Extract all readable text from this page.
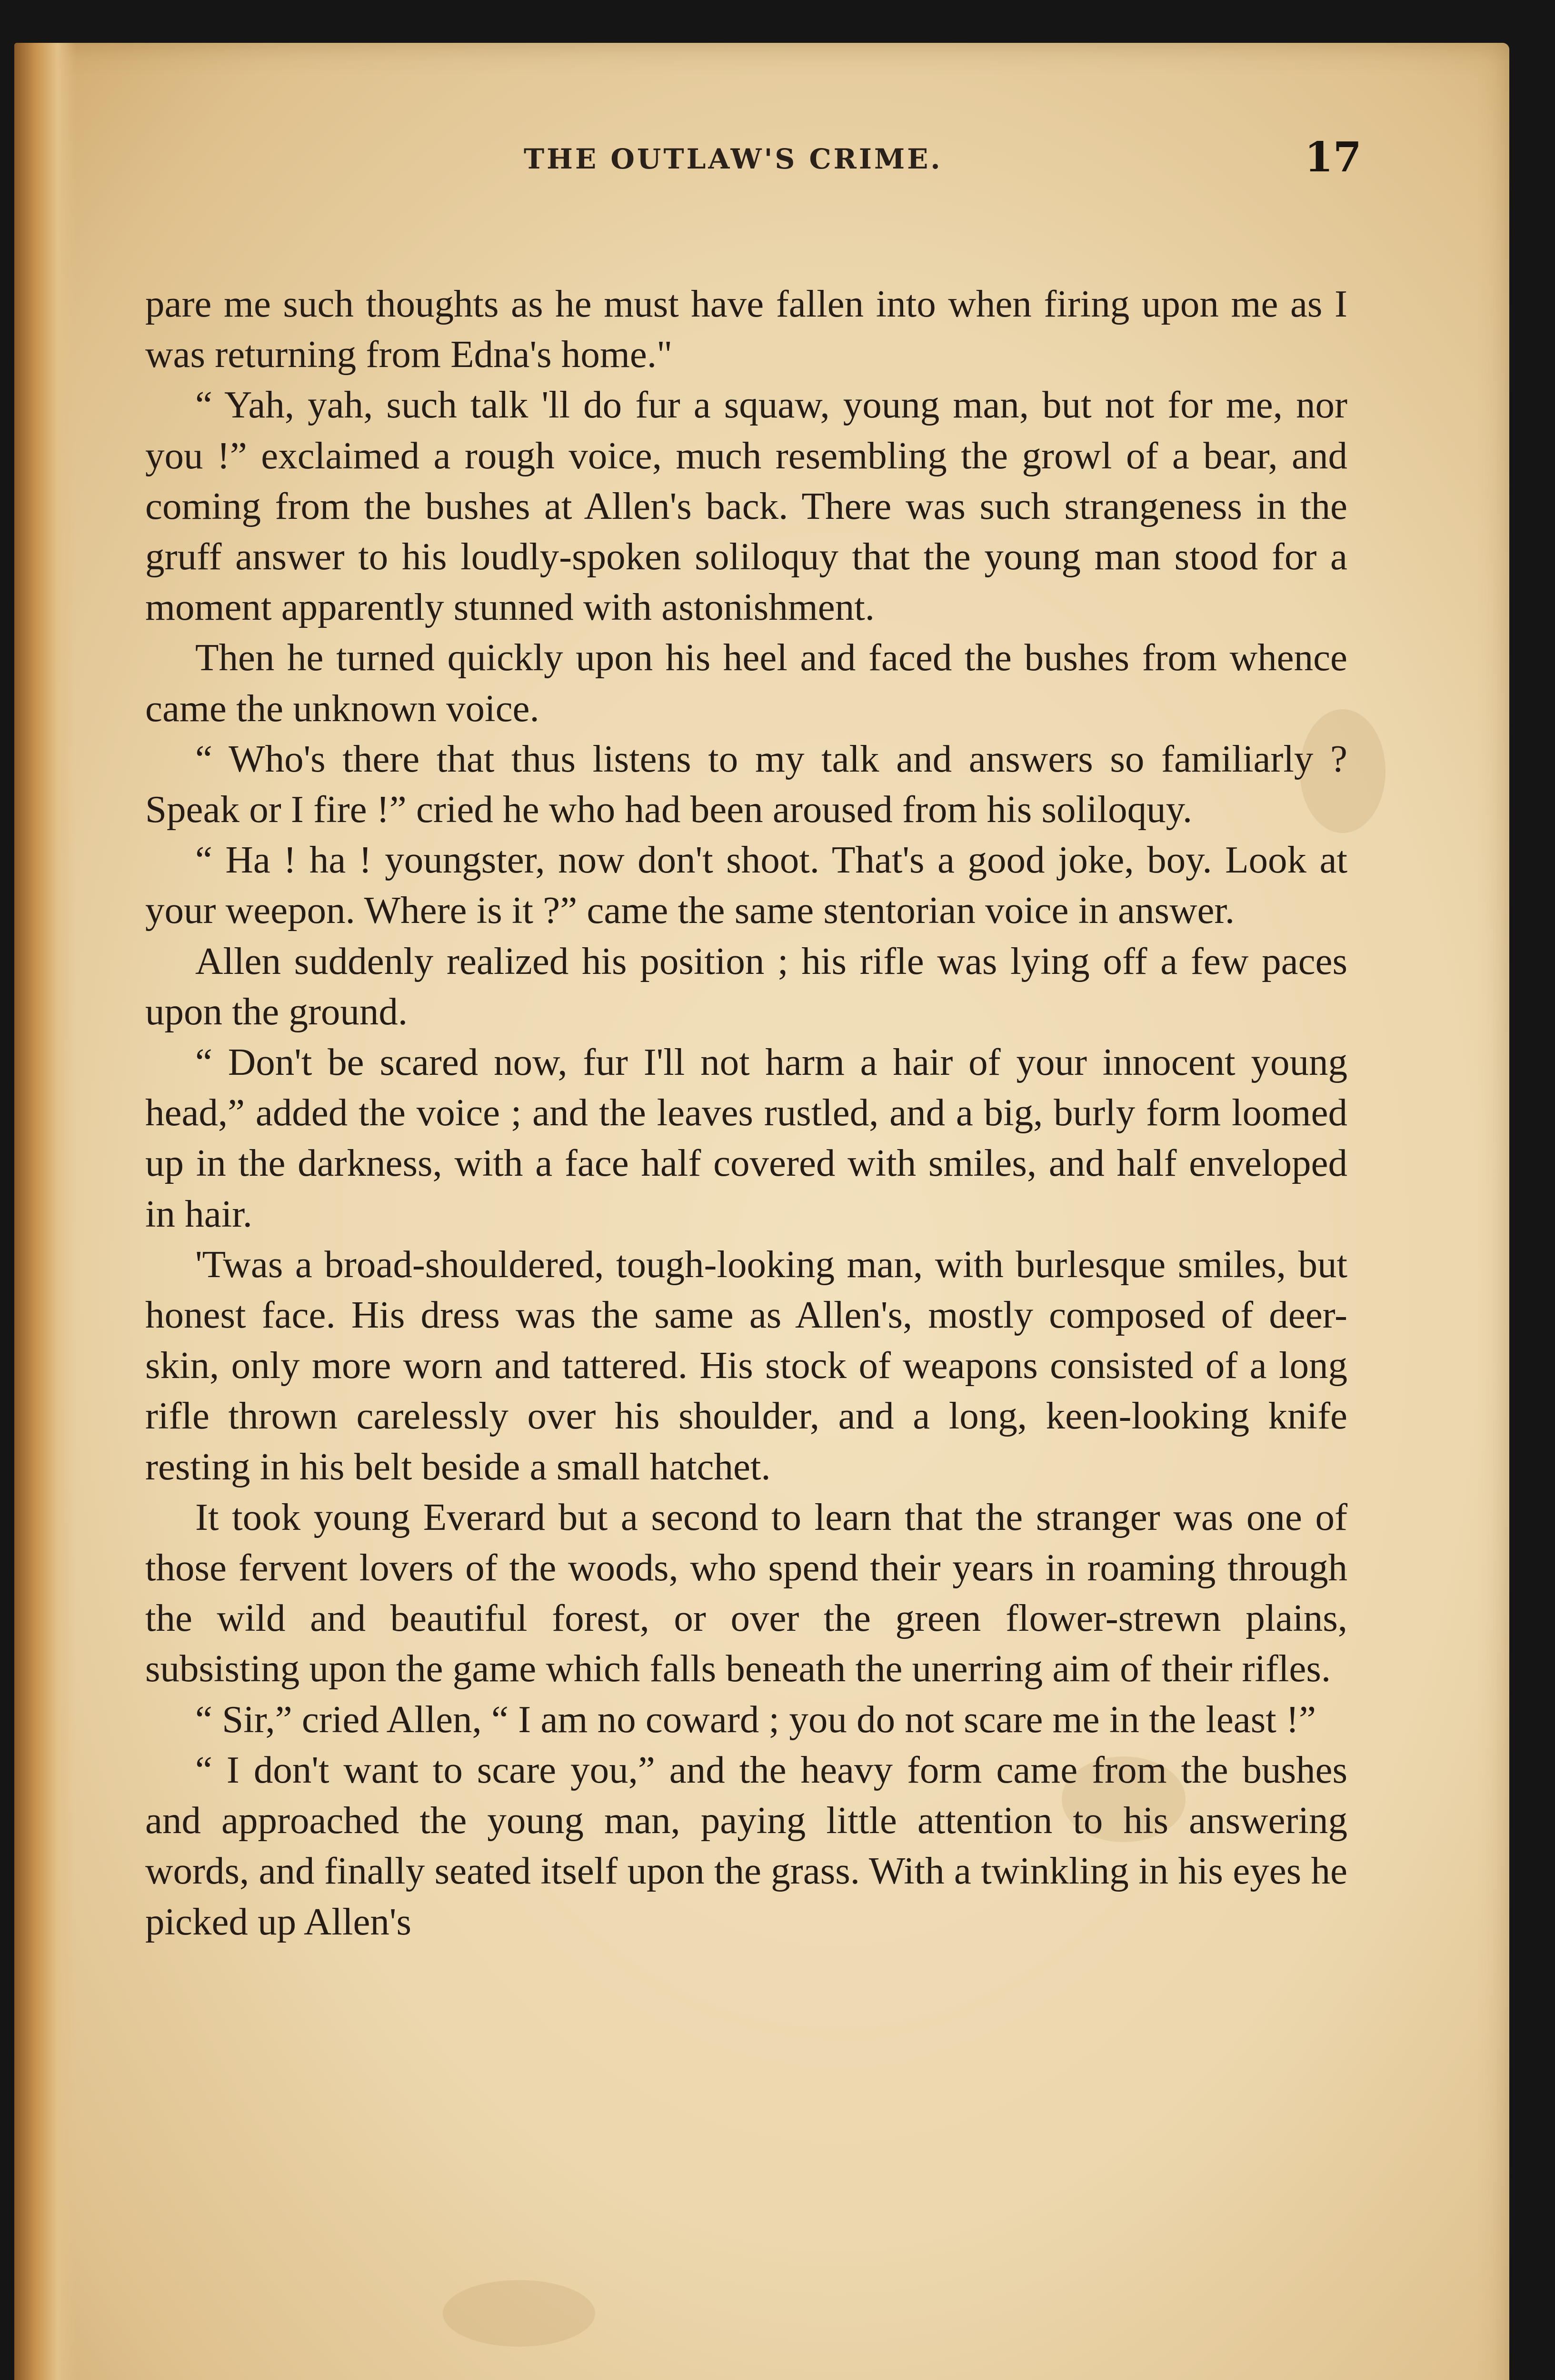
THE OUTLAW'S CRIME.	17

pare me such thoughts as he must have fallen into when firing upon me as I was returning from Edna's home."

“ Yah, yah, such talk 'll do fur a squaw, young man, but not for me, nor you !” exclaimed a rough voice, much resembling the growl of a bear, and coming from the bushes at Allen's back. There was such strangeness in the gruff answer to his loudly-spoken soliloquy that the young man stood for a moment apparently stunned with astonishment.

Then he turned quickly upon his heel and faced the bushes from whence came the unknown voice.

“ Who's there that thus listens to my talk and answers so familiarly ? Speak or I fire !” cried he who had been aroused from his soliloquy.

“ Ha ! ha ! youngster, now don't shoot. That's a good joke, boy. Look at your weepon. Where is it ?” came the same stentorian voice in answer.

Allen suddenly realized his position ; his rifle was lying off a few paces upon the ground.

“ Don't be scared now, fur I'll not harm a hair of your innocent young head,” added the voice ; and the leaves rustled, and a big, burly form loomed up in the darkness, with a face half covered with smiles, and half enveloped in hair.

'Twas a broad-shouldered, tough-looking man, with burlesque smiles, but honest face. His dress was the same as Allen's, mostly composed of deer-skin, only more worn and tattered. His stock of weapons consisted of a long rifle thrown carelessly over his shoulder, and a long, keen-looking knife resting in his belt beside a small hatchet.

It took young Everard but a second to learn that the stranger was one of those fervent lovers of the woods, who spend their years in roaming through the wild and beautiful forest, or over the green flower-strewn plains, subsisting upon the game which falls beneath the unerring aim of their rifles.

“ Sir,” cried Allen, “ I am no coward ; you do not scare me in the least !”

“ I don't want to scare you,” and the heavy form came from the bushes and approached the young man, paying little attention to his answering words, and finally seated itself upon the grass. With a twinkling in his eyes he picked up Allen's
